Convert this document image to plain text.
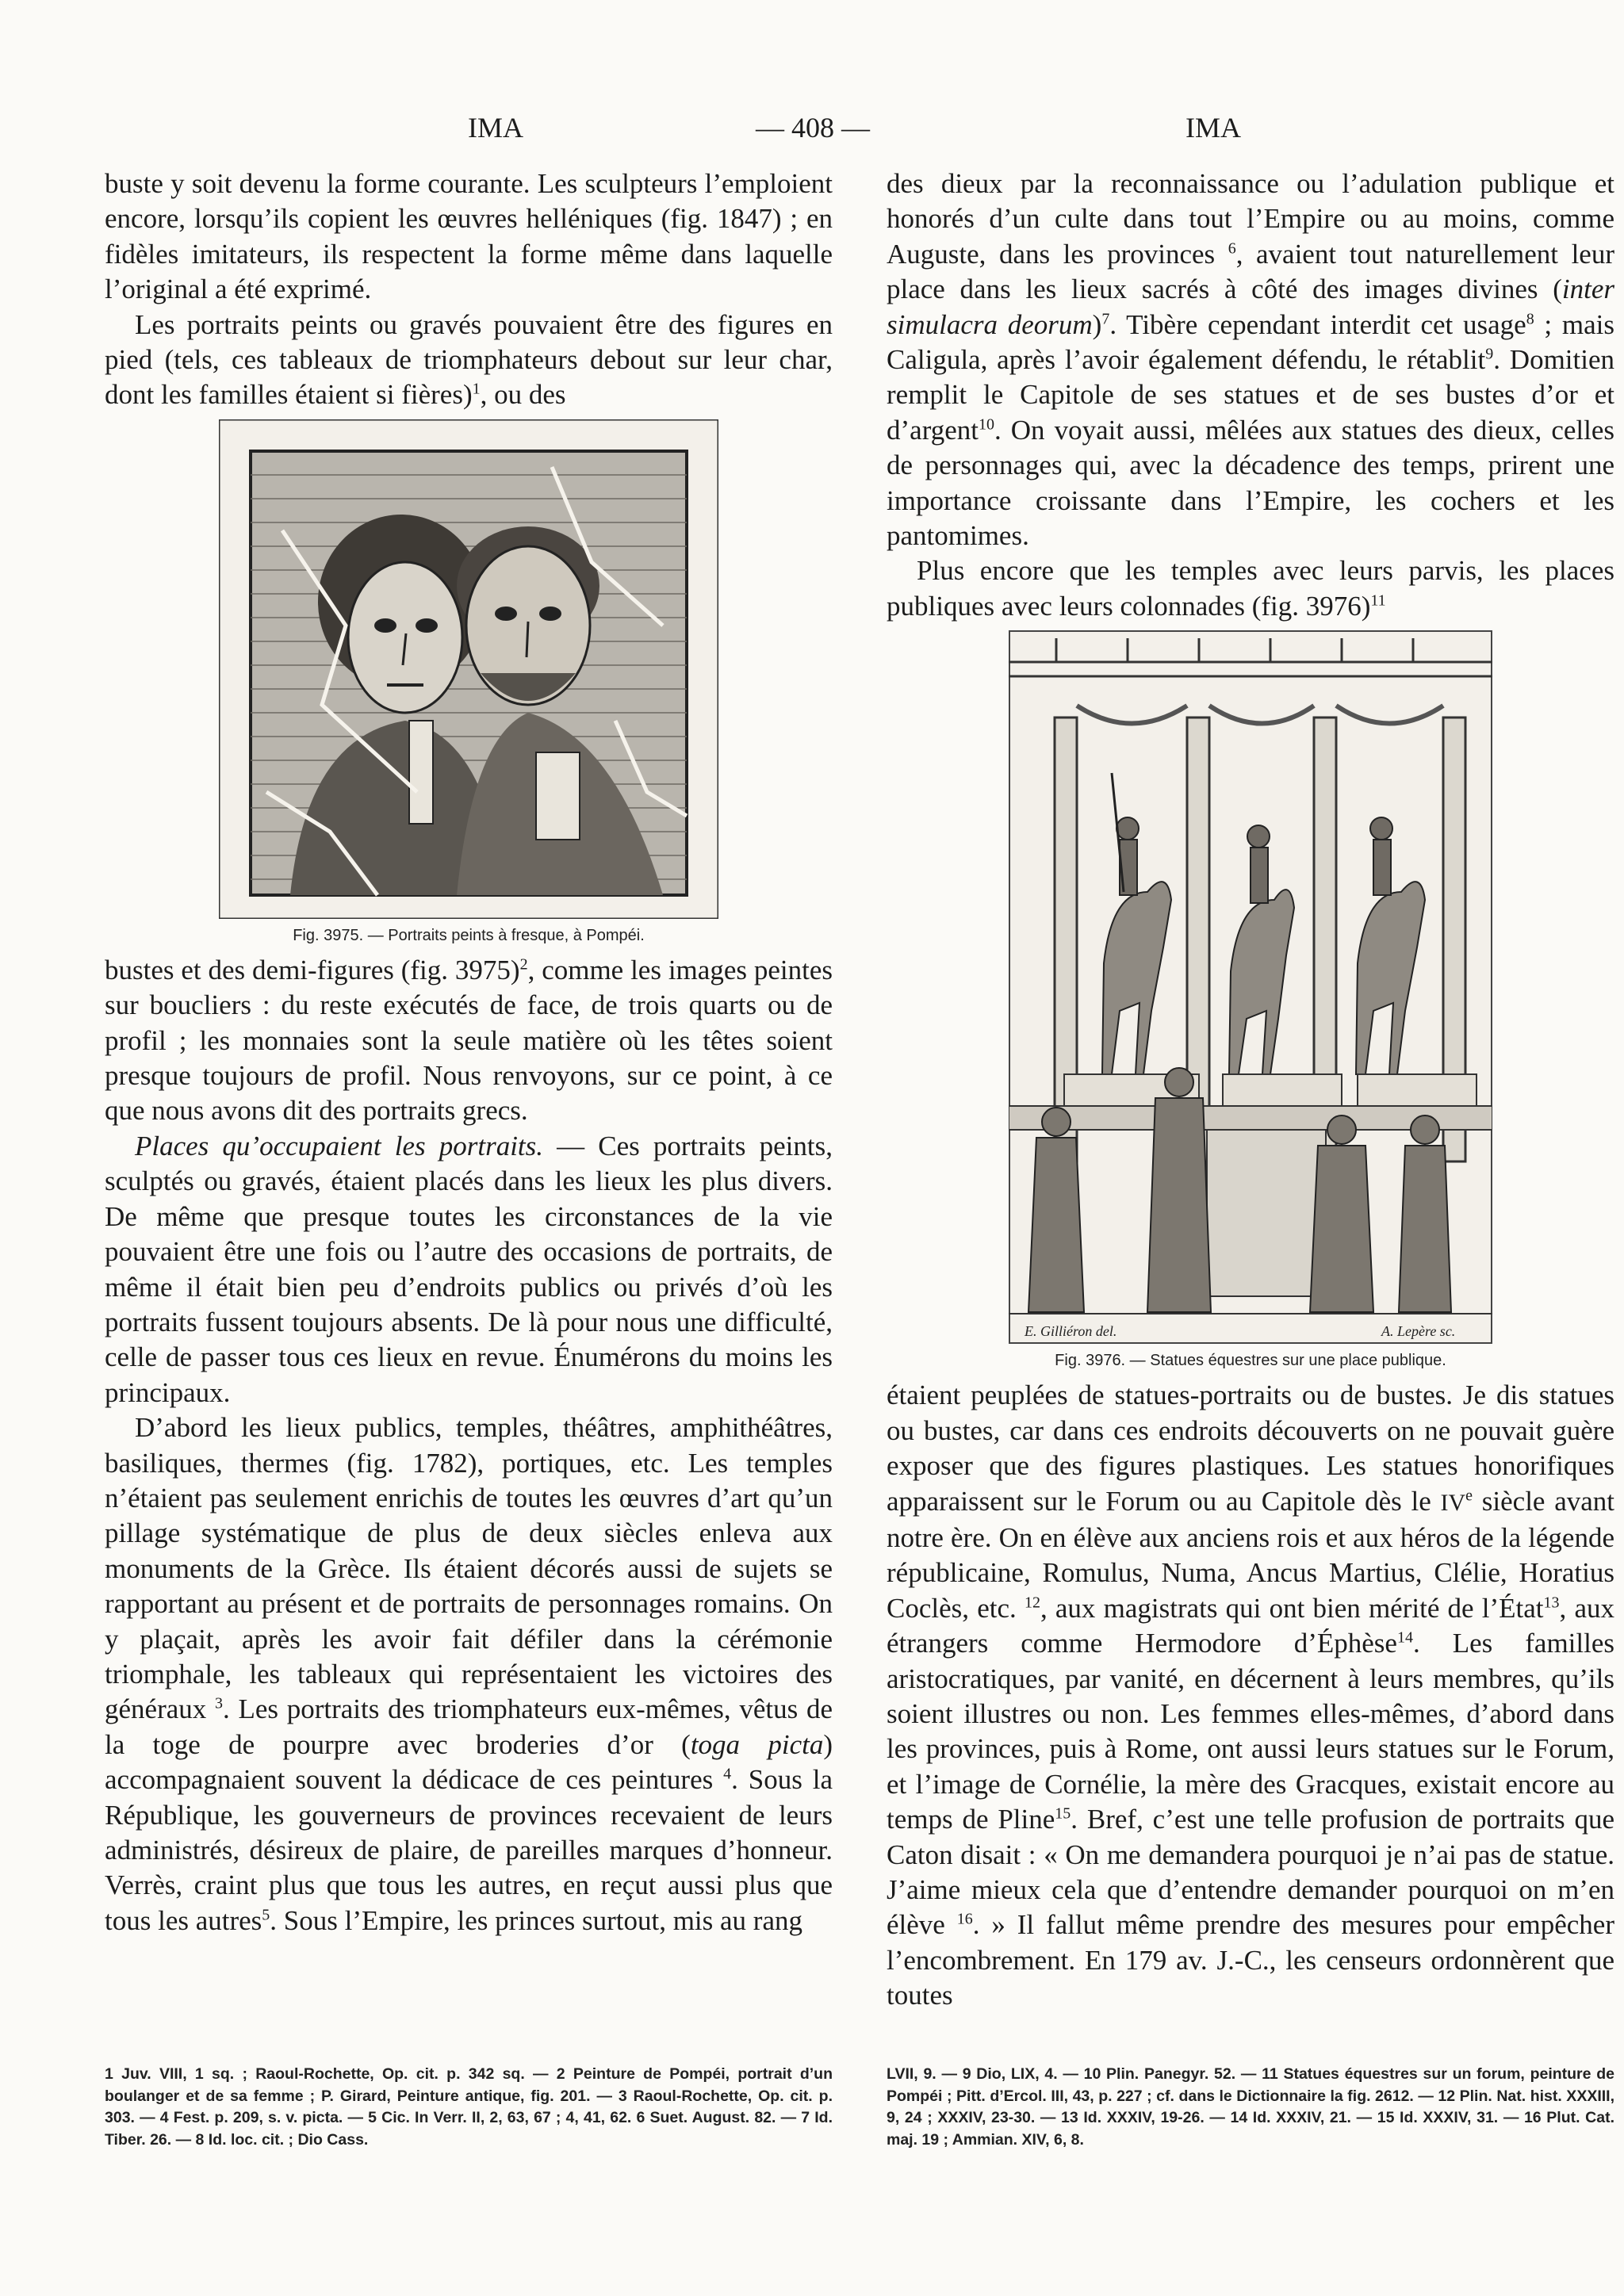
IMA	— 408 —	IMA

buste y soit devenu la forme courante. Les sculpteurs l’emploient encore, lorsqu’ils copient les œuvres helléniques (fig. 1847) ; en fidèles imitateurs, ils respectent la forme même dans laquelle l’original a été exprimé.

Les portraits peints ou gravés pouvaient être des figures en pied (tels, ces tableaux de triomphateurs debout sur leur char, dont les familles étaient si fières)$^1$, ou des

Fig. 3975. — Portraits peints à fresque, à Pompéi.

bustes et des demi-figures (fig. 3975)$^2$, comme les images peintes sur boucliers : du reste exécutés de face, de trois quarts ou de profil ; les monnaies sont la seule matière où les têtes soient presque toujours de profil. Nous renvoyons, sur ce point, à ce que nous avons dit des portraits grecs.

Places qu’occupaient les portraits. — Ces portraits peints, sculptés ou gravés, étaient placés dans les lieux les plus divers. De même que presque toutes les circonstances de la vie pouvaient être une fois ou l’autre des occasions de portraits, de même il était bien peu d’endroits publics ou privés d’où les portraits fussent toujours absents. De là pour nous une difficulté, celle de passer tous ces lieux en revue. Énumérons du moins les principaux.

D’abord les lieux publics, temples, théâtres, amphithéâtres, basiliques, thermes (fig. 1782), portiques, etc. Les temples n’étaient pas seulement enrichis de toutes les œuvres d’art qu’un pillage systématique de plus de deux siècles enleva aux monuments de la Grèce. Ils étaient décorés aussi de sujets se rapportant au présent et de portraits de personnages romains. On y plaçait, après les avoir fait défiler dans la cérémonie triomphale, les tableaux qui représentaient les victoires des généraux $^3$. Les portraits des triomphateurs eux-mêmes, vêtus de la toge de pourpre avec broderies d’or (toga picta) accompagnaient souvent la dédicace de ces peintures $^4$. Sous la République, les gouverneurs de provinces recevaient de leurs administrés, désireux de plaire, de pareilles marques d’honneur. Verrès, craint plus que tous les autres, en reçut aussi plus que tous les autres$^5$. Sous l’Empire, les princes surtout, mis au rang

des dieux par la reconnaissance ou l’adulation publique et honorés d’un culte dans tout l’Empire ou au moins, comme Auguste, dans les provinces $^6$, avaient tout naturellement leur place dans les lieux sacrés à côté des images divines (inter simulacra deorum)$^7$. Tibère cependant interdit cet usage$^8$ ; mais Caligula, après l’avoir également défendu, le rétablit$^9$. Domitien remplit le Capitole de ses statues et de ses bustes d’or et d’argent$^{10}$. On voyait aussi, mêlées aux statues des dieux, celles de personnages qui, avec la décadence des temps, prirent une importance croissante dans l’Empire, les cochers et les pantomimes.

Plus encore que les temples avec leurs parvis, les places publiques avec leurs colonnades (fig. 3976)$^{11}$

E. Gilliéron del.	A. Lepère sc.
Fig. 3976. — Statues équestres sur une place publique.

étaient peuplées de statues-portraits ou de bustes. Je dis statues ou bustes, car dans ces endroits découverts on ne pouvait guère exposer que des figures plastiques. Les statues honorifiques apparaissent sur le Forum ou au Capitole dès le IVe siècle avant notre ère. On en élève aux anciens rois et aux héros de la légende républicaine, Romulus, Numa, Ancus Martius, Clélie, Horatius Coclès, etc. $^{12}$, aux magistrats qui ont bien mérité de l’État$^{13}$, aux étrangers comme Hermodore d’Éphèse$^{14}$. Les familles aristocratiques, par vanité, en décernent à leurs membres, qu’ils soient illustres ou non. Les femmes elles-mêmes, d’abord dans les provinces, puis à Rome, ont aussi leurs statues sur le Forum, et l’image de Cornélie, la mère des Gracques, existait encore au temps de Pline$^{15}$. Bref, c’est une telle profusion de portraits que Caton disait : « On me demandera pourquoi je n’ai pas de statue. J’aime mieux cela que d’entendre demander pourquoi on m’en élève $^{16}$. » Il fallut même prendre des mesures pour empêcher l’encombrement. En 179 av. J.-C., les censeurs ordonnèrent que toutes

1 Juv. VIII, 1 sq. ; Raoul-Rochette, Op. cit. p. 342 sq. — 2 Peinture de Pompéi, portrait d’un boulanger et de sa femme ; P. Girard, Peinture antique, fig. 201. — 3 Raoul-Rochette, Op. cit. p. 303. — 4 Fest. p. 209, s. v. picta. — 5 Cic. In Verr. II, 2, 63, 67 ; 4, 41, 62. 6 Suet. August. 82. — 7 Id. Tiber. 26. — 8 Id. loc. cit. ; Dio Cass.
LVII, 9. — 9 Dio, LIX, 4. — 10 Plin. Panegyr. 52. — 11 Statues équestres sur un forum, peinture de Pompéi ; Pitt. d’Ercol. III, 43, p. 227 ; cf. dans le Dictionnaire la fig. 2612. — 12 Plin. Nat. hist. XXXIII, 9, 24 ; XXXIV, 23-30. — 13 Id. XXXIV, 19-26. — 14 Id. XXXIV, 21. — 15 Id. XXXIV, 31. — 16 Plut. Cat. maj. 19 ; Ammian. XIV, 6, 8.
